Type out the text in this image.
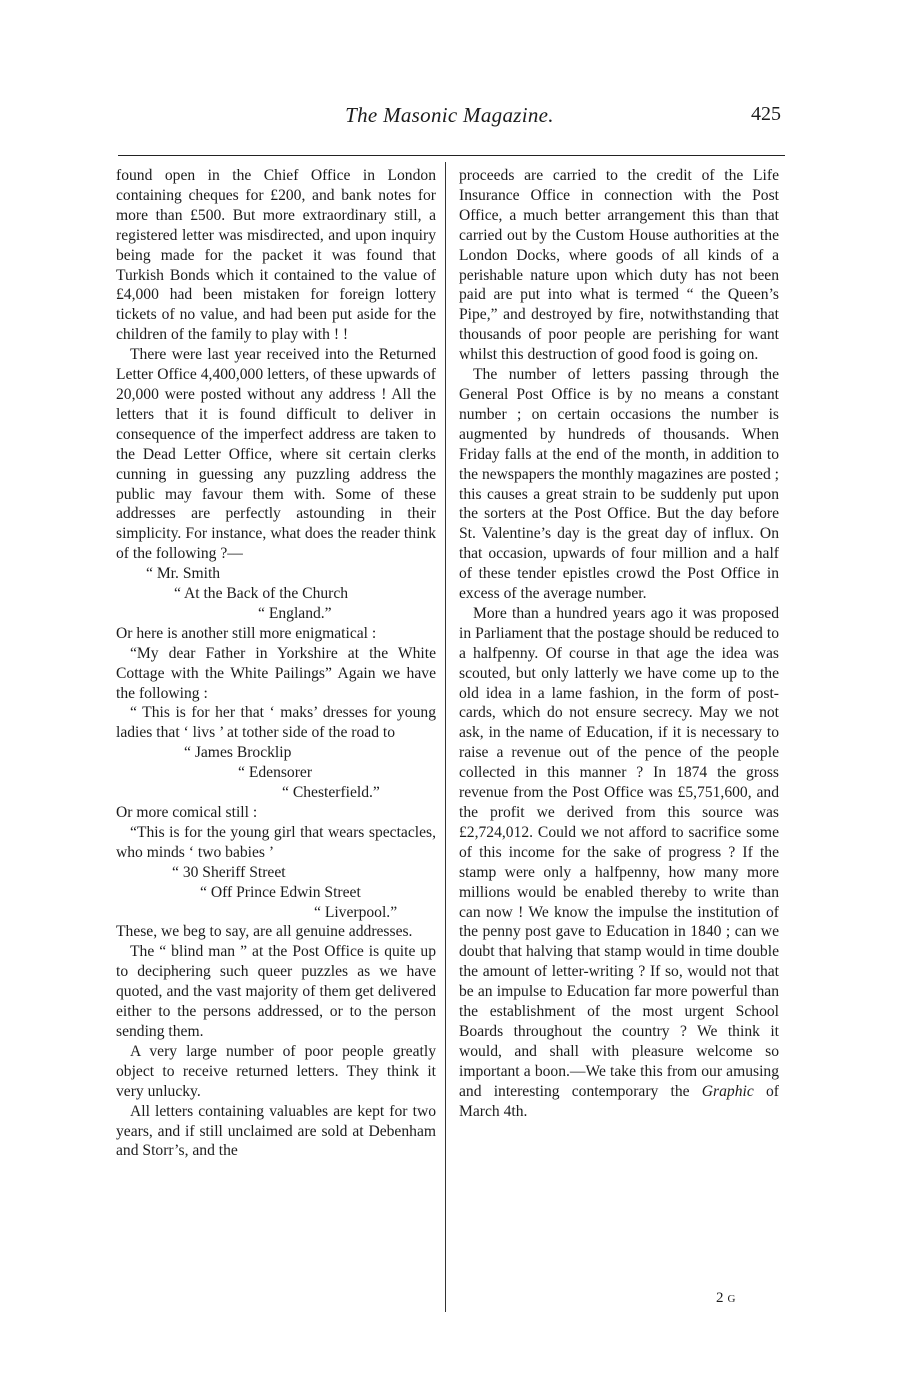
The Masonic Magazine.	425

found open in the Chief Office in London containing cheques for £200, and bank notes for more than £500. But more extraordinary still, a registered letter was misdirected, and upon inquiry being made for the packet it was found that Turkish Bonds which it contained to the value of £4,000 had been mistaken for foreign lottery tickets of no value, and had been put aside for the children of the family to play with ! !

There were last year received into the Returned Letter Office 4,400,000 letters, of these upwards of 20,000 were posted without any address ! All the letters that it is found difficult to deliver in consequence of the imperfect address are taken to the Dead Letter Office, where sit certain clerks cunning in guessing any puzzling address the public may favour them with. Some of these addresses are perfectly astounding in their simplicity. For instance, what does the reader think of the following ?—

“ Mr. Smith

“ At the Back of the Church

“ England.”

Or here is another still more enigmatical :

“My dear Father in Yorkshire at the White Cottage with the White Pailings” Again we have the following :

“ This is for her that ‘ maks’ dresses for young ladies that ‘ livs ’ at tother side of the road to

“ James Brocklip

“ Edensorer

“ Chesterfield.”

Or more comical still :

“This is for the young girl that wears spectacles, who minds ‘ two babies ’

“ 30 Sheriff Street

“ Off Prince Edwin Street

“ Liverpool.”

These, we beg to say, are all genuine addresses.

The “ blind man ” at the Post Office is quite up to deciphering such queer puzzles as we have quoted, and the vast majority of them get delivered either to the persons addressed, or to the person sending them.

A very large number of poor people greatly object to receive returned letters. They think it very unlucky.

All letters containing valuables are kept for two years, and if still unclaimed are sold at Debenham and Storr’s, and the

proceeds are carried to the credit of the Life Insurance Office in connection with the Post Office, a much better arrangement this than that carried out by the Custom House authorities at the London Docks, where goods of all kinds of a perishable nature upon which duty has not been paid are put into what is termed “ the Queen’s Pipe,” and destroyed by fire, notwithstanding that thousands of poor people are perishing for want whilst this destruction of good food is going on.

The number of letters passing through the General Post Office is by no means a constant number ; on certain occasions the number is augmented by hundreds of thousands. When Friday falls at the end of the month, in addition to the newspapers the monthly magazines are posted ; this causes a great strain to be suddenly put upon the sorters at the Post Office. But the day before St. Valentine’s day is the great day of influx. On that occasion, upwards of four million and a half of these tender epistles crowd the Post Office in excess of the average number.

More than a hundred years ago it was proposed in Parliament that the postage should be reduced to a halfpenny. Of course in that age the idea was scouted, but only latterly we have come up to the old idea in a lame fashion, in the form of post-cards, which do not ensure secrecy. May we not ask, in the name of Education, if it is necessary to raise a revenue out of the pence of the people collected in this manner ? In 1874 the gross revenue from the Post Office was £5,751,600, and the profit we derived from this source was £2,724,012. Could we not afford to sacrifice some of this income for the sake of progress ? If the stamp were only a halfpenny, how many more millions would be enabled thereby to write than can now ! We know the impulse the institution of the penny post gave to Education in 1840 ; can we doubt that halving that stamp would in time double the amount of letter-writing ? If so, would not that be an impulse to Education far more powerful than the establishment of the most urgent School Boards throughout the country ? We think it would, and shall with pleasure welcome so important a boon.—We take this from our amusing and interesting contemporary the Graphic of March 4th.

2 G
